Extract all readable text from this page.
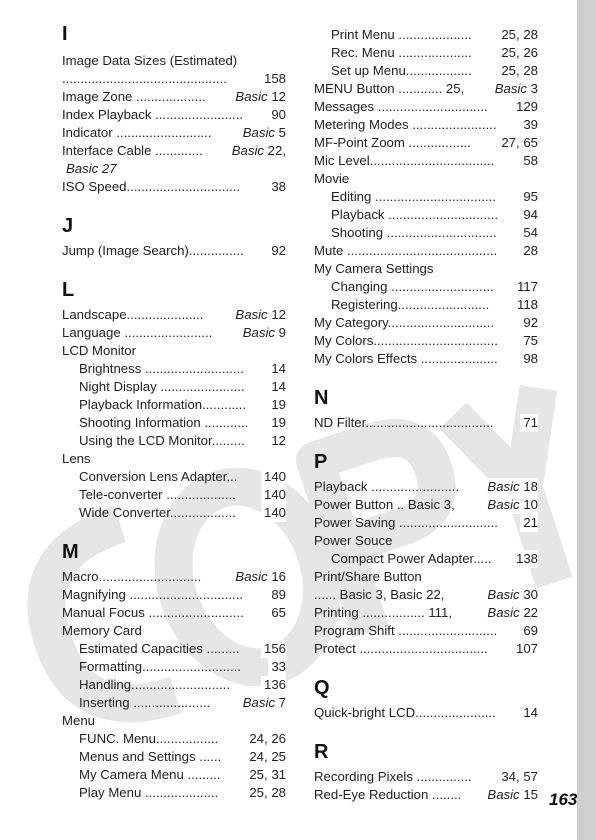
I
Image Data Sizes (Estimated)
.............................................	158
Image Zone ................... Basic 12
Index Playback ........................ 90
Indicator .......................... Basic 5
Interface Cable ............. Basic 22,
Basic 27
ISO Speed............................... 38
J
Jump (Image Search)............... 92
L
Landscape..................... Basic 12
Language ........................ Basic 9
LCD Monitor
Brightness ........................... 14
Night Display ....................... 14
Playback Information............ 19
Shooting Information ............ 19
Using the LCD Monitor......... 12
Lens
Conversion Lens Adapter... 140
Tele-converter ................... 140
Wide Converter.................. 140
M
Macro............................	Basic 16
Magnifying ............................... 89
Manual Focus .......................... 65
Memory Card
Estimated Capacities ......... 156
Formatting........................... 33
Handling...........................	136
Inserting ..................... Basic 7
Menu
FUNC. Menu................. 24, 26
Menus and Settings ...... 24, 25
My Camera Menu ......... 25, 31
Play Menu .................... 25, 28
Print Menu .................... 25, 28
Rec. Menu .................... 25, 26
Set up Menu.................. 25, 28
MENU Button ............ 25, Basic 3
Messages .............................. 129
Metering Modes ....................... 39
MF-Point Zoom ................. 27, 65
Mic Level.................................. 58
Movie
Editing ................................. 95
Playback .............................. 94
Shooting .............................. 54
Mute ......................................... 28
My Camera Settings
Changing ............................ 117
Registering......................... 118
My Category............................. 92
My Colors.................................. 75
My Colors Effects ..................... 98
N
ND Filter................................... 71
P
Playback ........................ Basic 18
Power Button .. Basic 3, Basic 10
Power Saving ........................... 21
Power Souce
Compact Power Adapter..... 138
Print/Share Button
...... Basic 3, Basic 22,	Basic 30
Printing ................. 111,	Basic 22
Program Shift ........................... 69
Protect ................................... 107
Q
Quick-bright LCD...................... 14
R
Recording Pixels ............... 34, 57
Red-Eye Reduction ........ Basic 15 163
